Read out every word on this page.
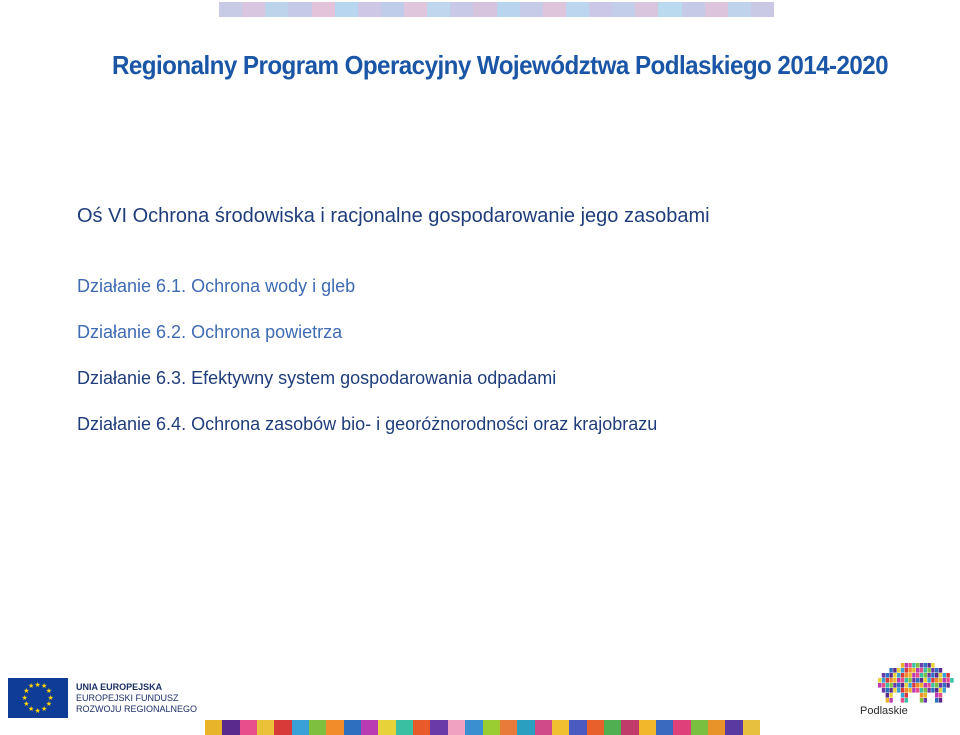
Regionalny Program Operacyjny Województwa Podlaskiego 2014-2020
Oś VI Ochrona środowiska i racjonalne gospodarowanie jego zasobami
Działanie 6.1. Ochrona wody i gleb
Działanie 6.2. Ochrona powietrza
Działanie 6.3. Efektywny system gospodarowania odpadami
Działanie 6.4. Ochrona zasobów bio- i georóżnorodności oraz krajobrazu
★
★
★
★
★
★
★
★
★ ★ ★
★	UNIA EUROPEJSKA
EUROPEJSKI FUNDUSZ
ROZWOJU REGIONALNEGO	Podlaskie
